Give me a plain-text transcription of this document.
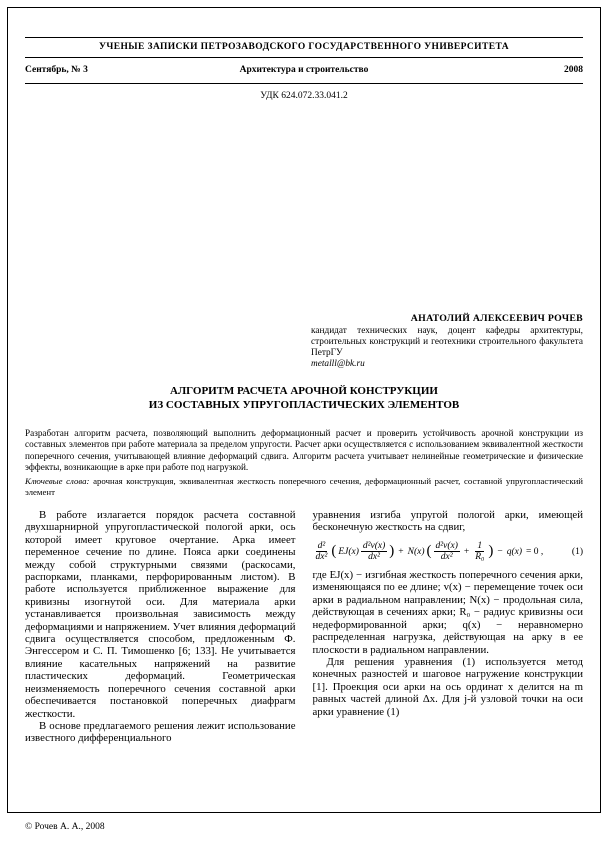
УЧЕНЫЕ ЗАПИСКИ ПЕТРОЗАВОДСКОГО ГОСУДАРСТВЕННОГО УНИВЕРСИТЕТА
Сентябрь, № 3	Архитектура и строительство	2008
УДК 624.072.33.041.2
АНАТОЛИЙ АЛЕКСЕЕВИЧ РОЧЕВ
кандидат технических наук, доцент кафедры архитектуры, строительных конструкций и геотехники строительного факультета ПетрГУ
metalll@bk.ru
АЛГОРИТМ РАСЧЕТА АРОЧНОЙ КОНСТРУКЦИИ
ИЗ СОСТАВНЫХ УПРУГОПЛАСТИЧЕСКИХ ЭЛЕМЕНТОВ

Разработан алгоритм расчета, позволяющий выполнить деформационный расчет и проверить устойчивость арочной конструкции из составных элементов при работе материала за пределом упругости. Расчет арки осуществляется с использованием эквивалентной жесткости поперечного сечения, учитывающей влияние деформаций сдвига. Алгоритм расчета учитывает нелинейные геометрические и физические эффекты, возникающие в арке при работе под нагрузкой.

Ключевые слова: арочная конструкция, эквивалентная жесткость поперечного сечения, деформационный расчет, составной упругопластический элемент

В работе излагается порядок расчета составной двухшарнирной упругопластической пологой арки, ось которой имеет круговое очертание. Арка имеет переменное сечение по длине. Пояса арки соединены между собой структурными связями (раскосами, распорками, планками, перфорированным листом). В работе используется приближенное выражение для кривизны изогнутой оси. Для материала арки устанавливается произвольная зависимость между деформациями и напряжением. Учет влияния деформаций сдвига осуществляется способом, предложенным Ф. Энгессером и С. П. Тимошенко [6; 133]. Не учитывается влияние касательных напряжений на развитие пластических деформаций. Геометрическая неизменяемость поперечного сечения составной арки обеспечивается постановкой поперечных диафрагм жесткости.

В основе предлагаемого решения лежит использование известного дифференциального

уравнения изгиба упругой пологой арки, имеющей бесконечную жесткость на сдвиг,

$\frac{\text{d²}}{\text{dx²}}$ ( $EJ(x) \frac{\text{d²v(x)}}{\text{dx²}}$ ) + N(x) ( $\frac{\text{d²v(x)}}{\text{dx²}} + \frac{1}{\text{R₀}}$ ) − q(x) = 0 ,	(1)

где EJ(x) − изгибная жесткость поперечного сечения арки, изменяющаяся по ее длине; v(x) − перемещение точек оси арки в радиальном направлении; N(x) − продольная сила, действующая в сечениях арки; R₀ − радиус кривизны оси недеформированной арки; q(x) − неравномерно распределенная нагрузка, действующая на арку в ее плоскости в радиальном направлении.

Для решения уравнения (1) используется метод конечных разностей и шаговое нагружение конструкции [1]. Проекция оси арки на ось ординат x делится на m равных частей длиной Δx. Для j-й узловой точки на оси арки уравнение (1)

© Рочев А. А., 2008
